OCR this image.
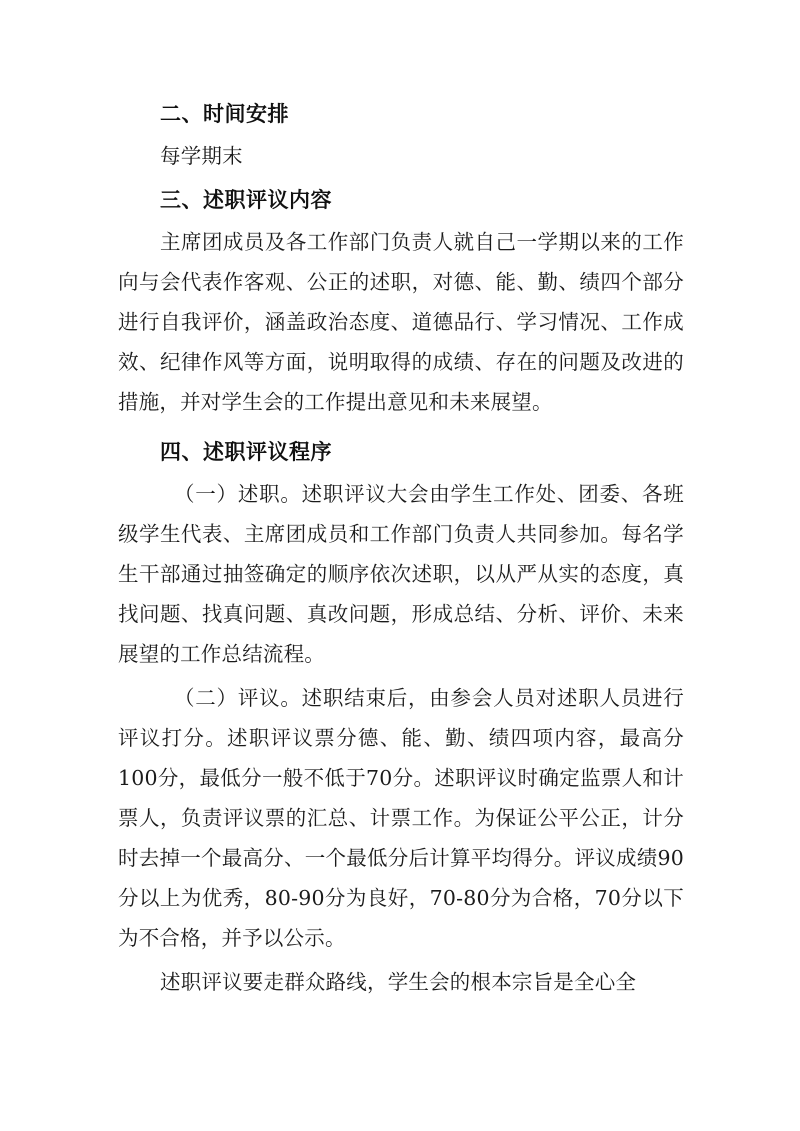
二、时间安排

每学期末

三、述职评议内容

主席团成员及各工作部门负责人就自己一学期以来的工作向与会代表作客观、公正的述职，对德、能、勤、绩四个部分进行自我评价，涵盖政治态度、道德品行、学习情况、工作成效、纪律作风等方面，说明取得的成绩、存在的问题及改进的措施，并对学生会的工作提出意见和未来展望。

四、述职评议程序

（一）述职。述职评议大会由学生工作处、团委、各班级学生代表、主席团成员和工作部门负责人共同参加。每名学生干部通过抽签确定的顺序依次述职，以从严从实的态度，真找问题、找真问题、真改问题，形成总结、分析、评价、未来展望的工作总结流程。

（二）评议。述职结束后，由参会人员对述职人员进行评议打分。述职评议票分德、能、勤、绩四项内容，最高分100分，最低分一般不低于70分。述职评议时确定监票人和计票人，负责评议票的汇总、计票工作。为保证公平公正，计分时去掉一个最高分、一个最低分后计算平均得分。评议成绩90分以上为优秀，80-90分为良好，70-80分为合格，70分以下为不合格，并予以公示。

述职评议要走群众路线，学生会的根本宗旨是全心全
